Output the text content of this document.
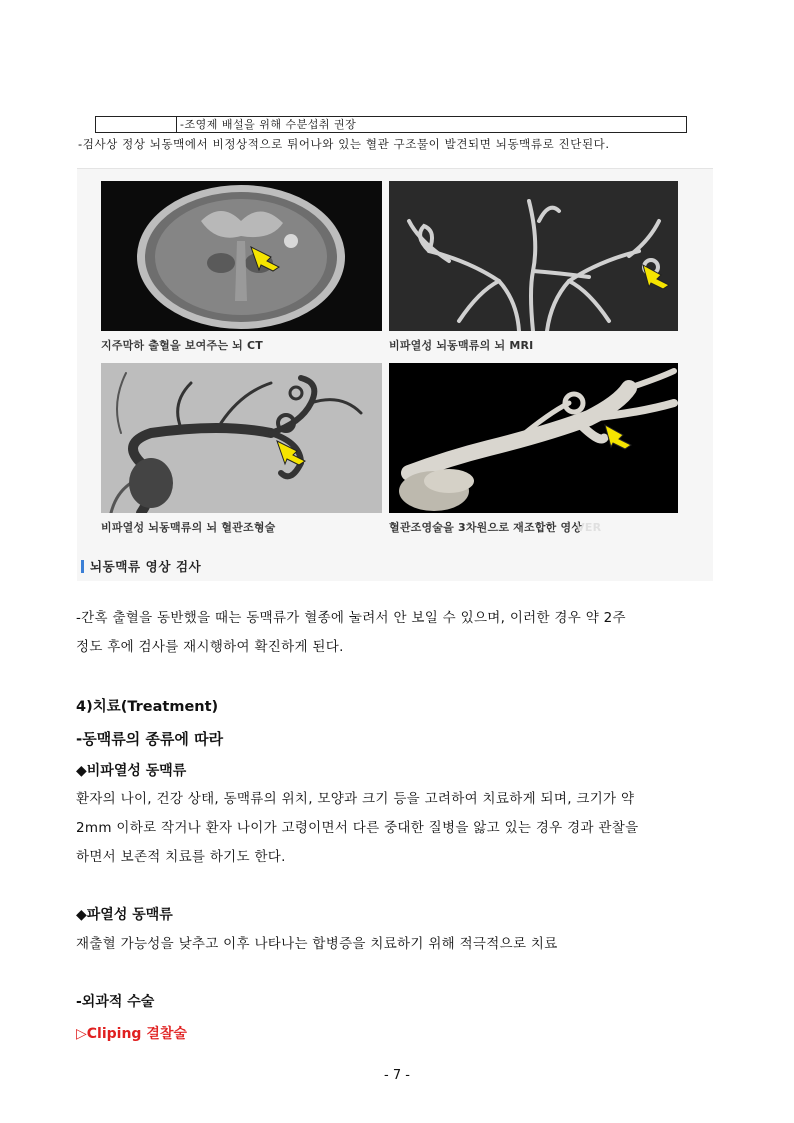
-조영제 배설을 위해 수분섭취 권장
-검사상 정상 뇌동맥에서 비정상적으로 튀어나와 있는 혈관 구조물이 발견되면 뇌동맥류로 진단된다.
지주막하 출혈을 보여주는 뇌 CT	비파열성 뇌동맥류의 뇌 MRI
비파열성 뇌동맥류의 뇌 혈관조형술	혈관조영술을 3차원으로 재조합한 영상VER
뇌동맥류 영상 검사
-간혹 출혈을 동반했을 때는 동맥류가 혈종에 눌려서 안 보일 수 있으며, 이러한 경우 약 2주
정도 후에 검사를 재시행하여 확진하게 된다.
4)치료(Treatment)
-동맥류의 종류에 따라
◆비파열성 동맥류
환자의 나이, 건강 상태, 동맥류의 위치, 모양과 크기 등을 고려하여 치료하게 되며, 크기가 약
2mm 이하로 작거나 환자 나이가 고령이면서 다른 중대한 질병을 앓고 있는 경우 경과 관찰을
하면서 보존적 치료를 하기도 한다.
◆파열성 동맥류
재출혈 가능성을 낮추고 이후 나타나는 합병증을 치료하기 위해 적극적으로 치료
-외과적 수술
▷Cliping 결찰술
- 7 -
